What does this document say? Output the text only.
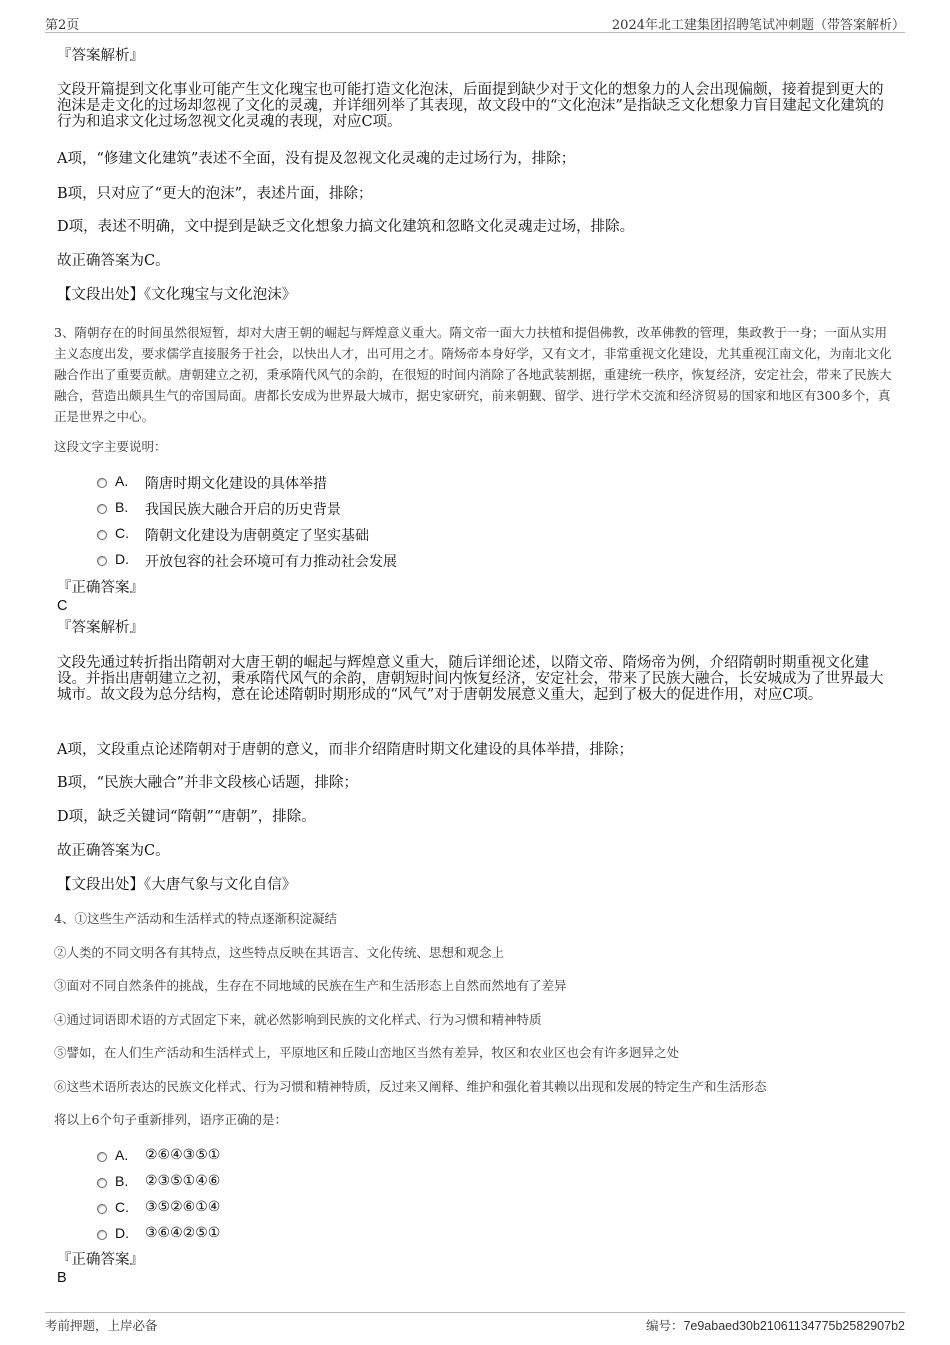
第2页	2024年北工建集团招聘笔试冲刺题（带答案解析）
『答案解析』
文段开篇提到文化事业可能产生文化瑰宝也可能打造文化泡沫，后面提到缺少对于文化的想象力的人会出现偏颇，接着提到更大的泡沫是走文化的过场却忽视了文化的灵魂，并详细列举了其表现，故文段中的“文化泡沫”是指缺乏文化想象力盲目建起文化建筑的行为和追求文化过场忽视文化灵魂的表现，对应C项。
A项，“修建文化建筑”表述不全面，没有提及忽视文化灵魂的走过场行为，排除；
B项，只对应了“更大的泡沫”，表述片面，排除；
D项，表述不明确，文中提到是缺乏文化想象力搞文化建筑和忽略文化灵魂走过场，排除。
故正确答案为C。
【文段出处】《文化瑰宝与文化泡沫》
3、隋朝存在的时间虽然很短暂，却对大唐王朝的崛起与辉煌意义重大。隋文帝一面大力扶植和提倡佛教，改革佛教的管理，集政教于一身；一面从实用主义态度出发，要求儒学直接服务于社会，以快出人才，出可用之才。隋炀帝本身好学，又有文才，非常重视文化建设，尤其重视江南文化，为南北文化融合作出了重要贡献。唐朝建立之初，秉承隋代风气的余韵，在很短的时间内消除了各地武装割据，重建统一秩序，恢复经济，安定社会，带来了民族大融合，营造出颇具生气的帝国局面。唐都长安成为世界最大城市，据史家研究，前来朝觐、留学、进行学术交流和经济贸易的国家和地区有300多个，真正是世界之中心。
这段文字主要说明：
A. 隋唐时期文化建设的具体举措
B. 我国民族大融合开启的历史背景
C. 隋朝文化建设为唐朝奠定了坚实基础
D. 开放包容的社会环境可有力推动社会发展
『正确答案』
C
『答案解析』
文段先通过转折指出隋朝对大唐王朝的崛起与辉煌意义重大，随后详细论述，以隋文帝、隋炀帝为例，介绍隋朝时期重视文化建设。并指出唐朝建立之初，秉承隋代风气的余韵，唐朝短时间内恢复经济，安定社会，带来了民族大融合，长安城成为了世界最大城市。故文段为总分结构，意在论述隋朝时期形成的“风气”对于唐朝发展意义重大，起到了极大的促进作用，对应C项。
A项，文段重点论述隋朝对于唐朝的意义，而非介绍隋唐时期文化建设的具体举措，排除；
B项，“民族大融合”并非文段核心话题，排除；
D项，缺乏关键词“隋朝”“唐朝”，排除。
故正确答案为C。
【文段出处】《大唐气象与文化自信》
4、①这些生产活动和生活样式的特点逐渐积淀凝结
②人类的不同文明各有其特点，这些特点反映在其语言、文化传统、思想和观念上
③面对不同自然条件的挑战，生存在不同地域的民族在生产和生活形态上自然而然地有了差异
④通过词语即术语的方式固定下来，就必然影响到民族的文化样式、行为习惯和精神特质
⑤譬如，在人们生产活动和生活样式上，平原地区和丘陵山峦地区当然有差异，牧区和农业区也会有许多迥异之处
⑥这些术语所表达的民族文化样式、行为习惯和精神特质，反过来又阐释、维护和强化着其赖以出现和发展的特定生产和生活形态
将以上6个句子重新排列，语序正确的是：
A. ②⑥④③⑤①
B. ②③⑤①④⑥
C. ③⑤②⑥①④
D. ③⑥④②⑤①
『正确答案』
B
考前押题，上岸必备	编号：7e9abaed30b21061134775b2582907b2
